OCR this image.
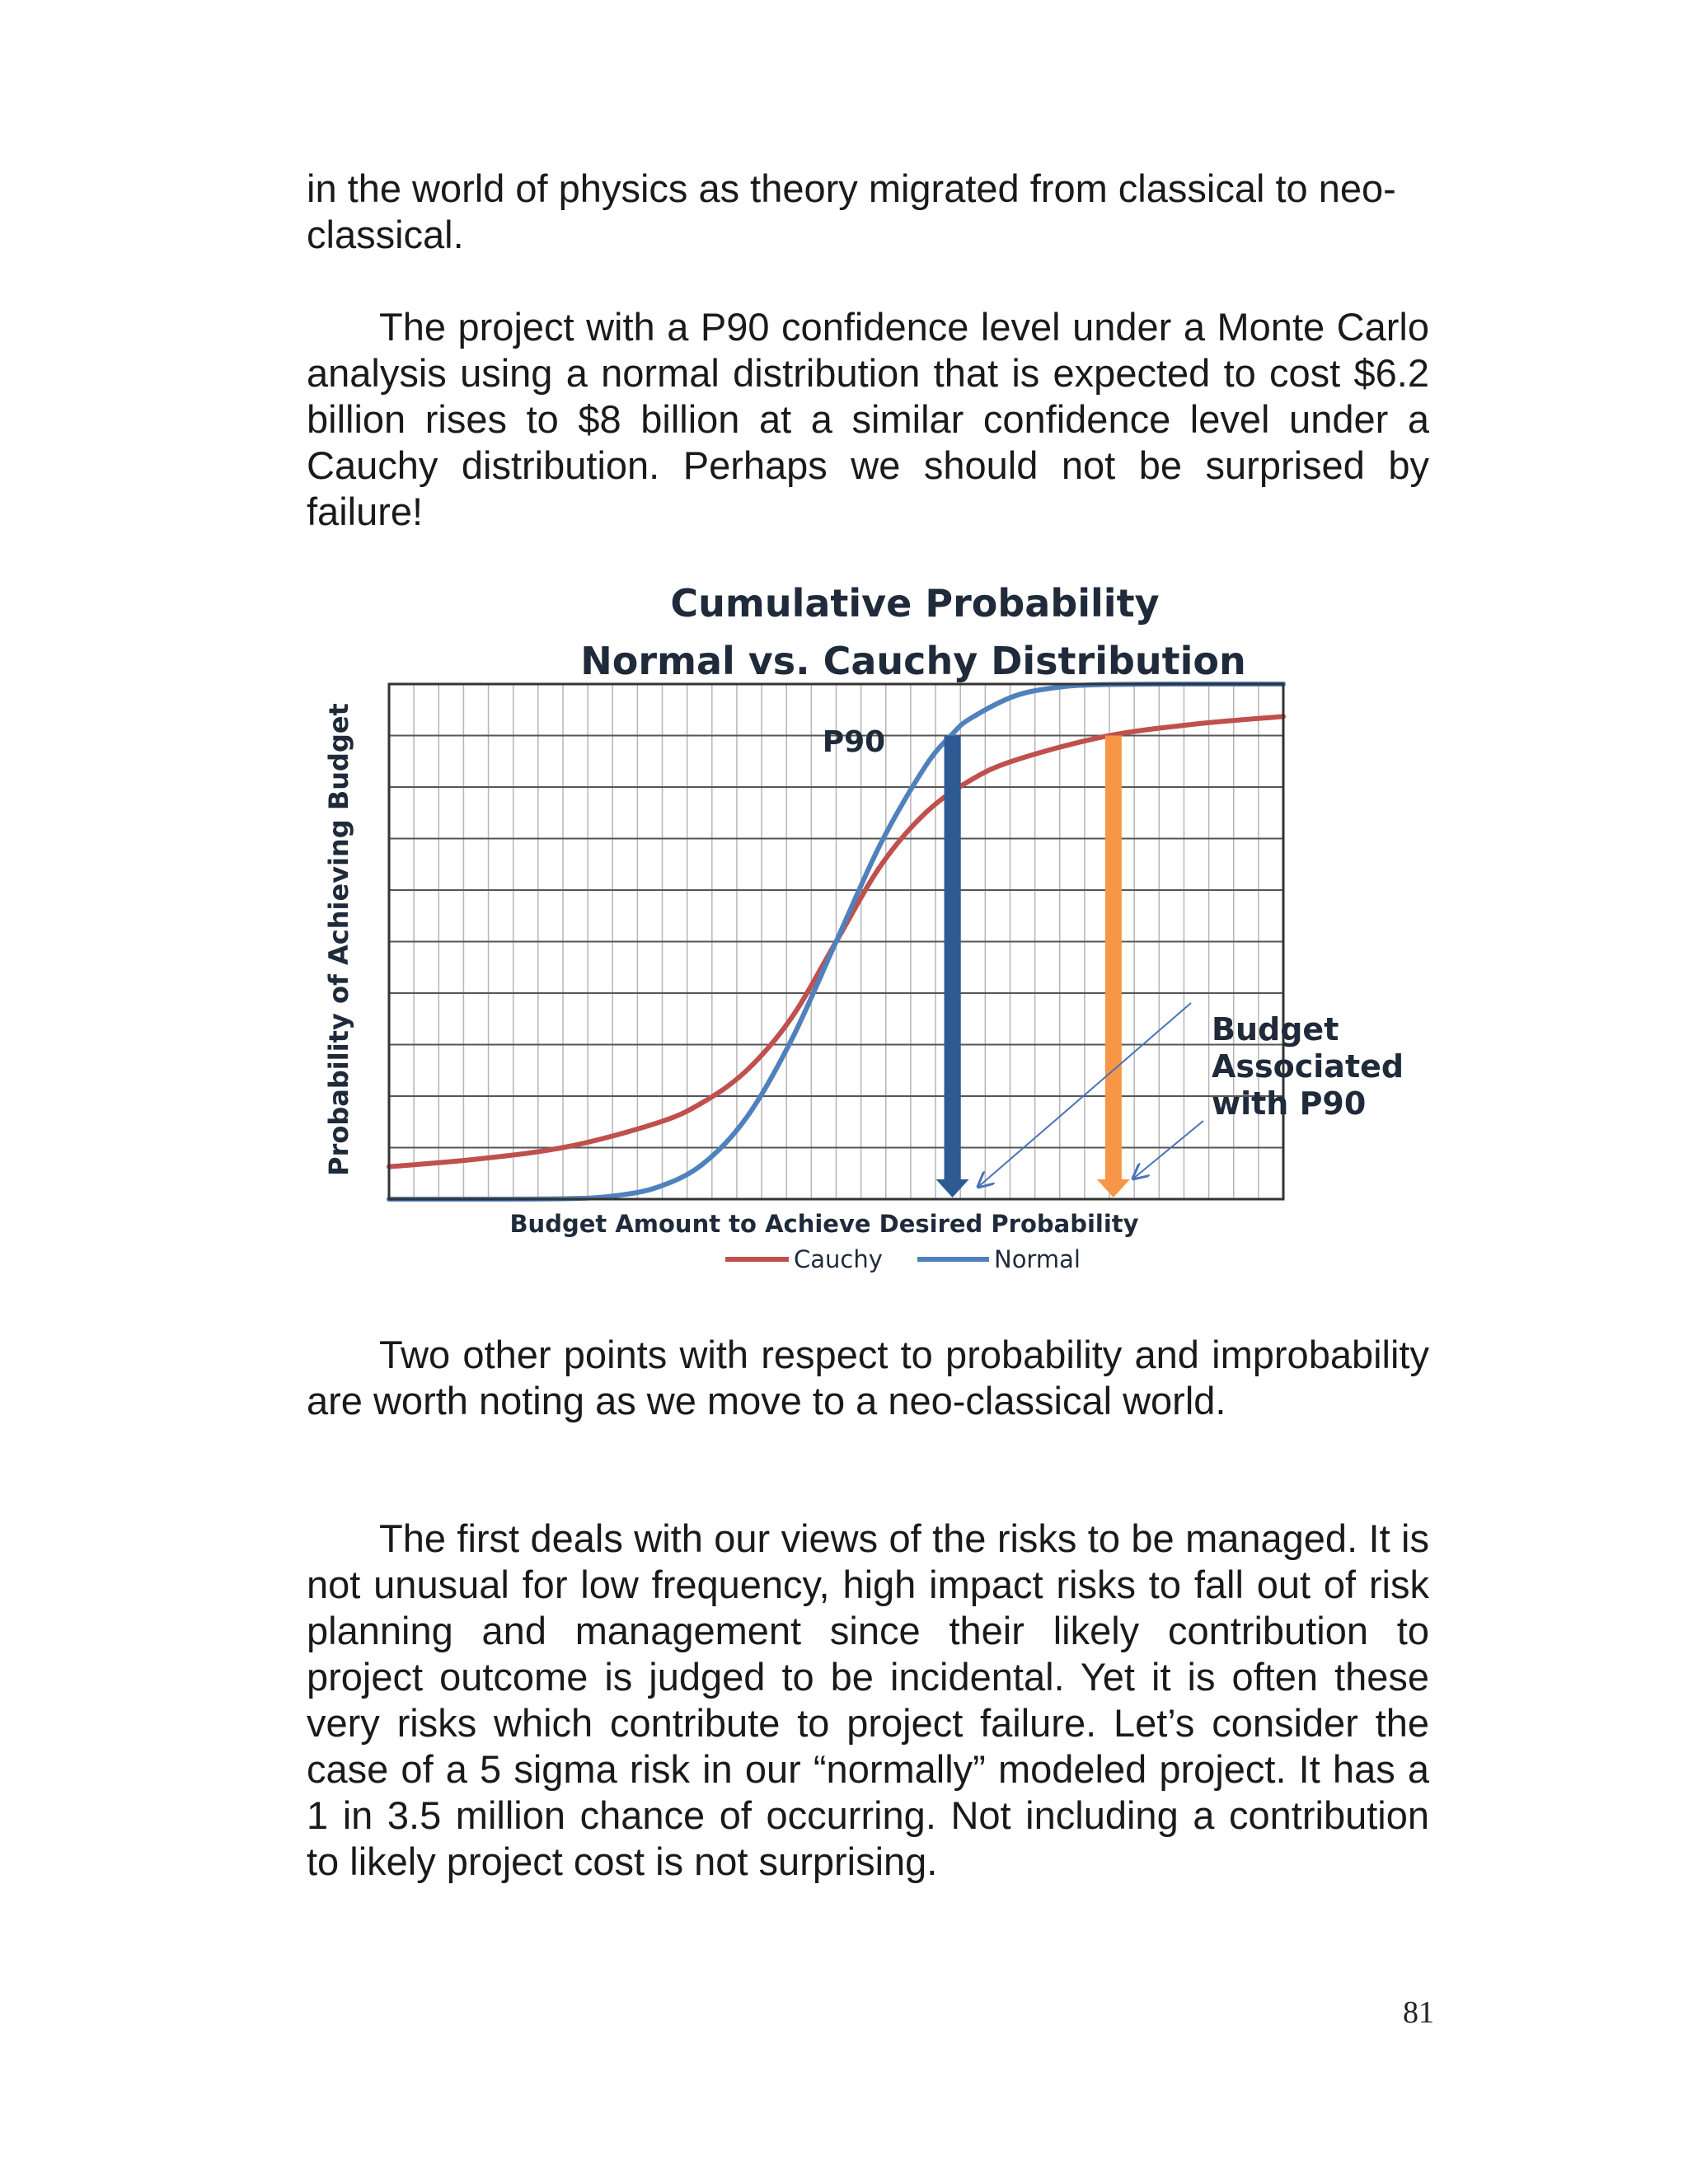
in the world of physics as theory migrated from classical to neo-classical.

The project with a P90 confidence level under a Monte Carlo analysis using a normal distribution that is expected to cost $6.2 billion rises to $8 billion at a similar confidence level under a Cauchy distribution. Perhaps we should not be surprised by failure!

Cumulative Probability
Normal vs. Cauchy Distribution
P90
Budget
Associated
with P90
Budget Amount to Achieve Desired Probability
Probability of Achieving Budget
Cauchy	Normal

Two other points with respect to probability and improbability are worth noting as we move to a neo-classical world.

The first deals with our views of the risks to be managed. It is not unusual for low frequency, high impact risks to fall out of risk planning and management since their likely contribution to project outcome is judged to be incidental. Yet it is often these very risks which contribute to project failure. Let’s consider the case of a 5 sigma risk in our “normally” modeled project. It has a 1 in 3.5 million chance of occurring. Not including a contribution to likely project cost is not surprising.

81
